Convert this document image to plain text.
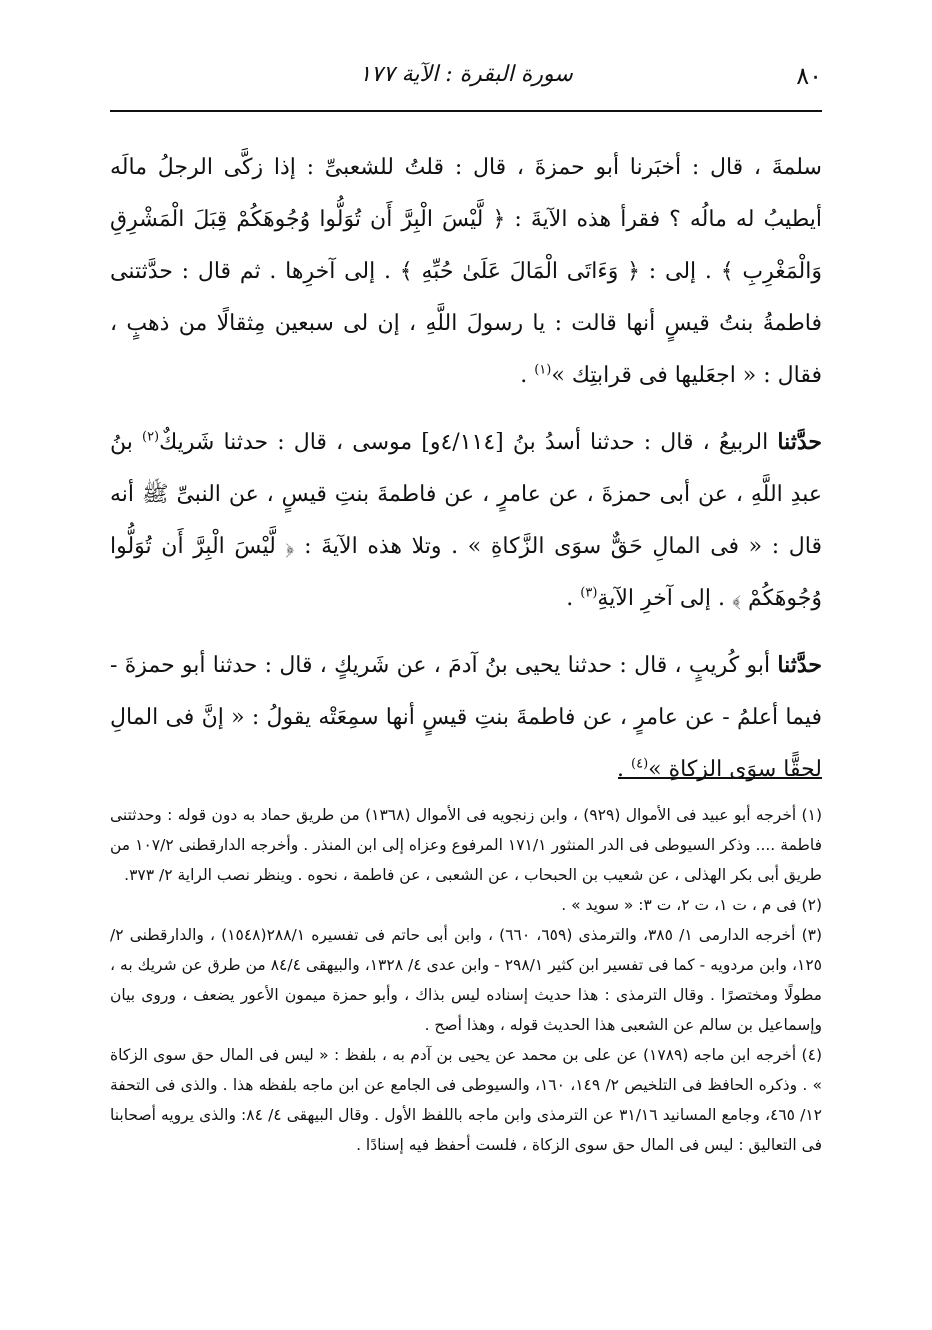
٨٠
سورة البقرة : الآية ١٧٧

سلمةَ ، قال : أخبَرنا أبو حمزةَ ، قال : قلتُ للشعبىِّ : إذا زكَّى الرجلُ مالَه أيطيبُ له مالُه ؟ فقرأ هذه الآيةَ : ﴿ لَّيْسَ الْبِرَّ أَن تُوَلُّوا وُجُوهَكُمْ قِبَلَ الْمَشْرِقِ وَالْمَغْرِبِ ﴾ . إلى : ﴿ وَءَاتَى الْمَالَ عَلَىٰ حُبِّهِ ﴾ . إلى آخرِها . ثم قال : حدَّثتنى فاطمةُ بنتُ قيسٍ أنها قالت : يا رسولَ اللَّهِ ، إن لى سبعين مِثقالًا من ذهبٍ ، فقال : « اجعَليها فى قرابتِك »$^{(١)}$ .

حدَّثنا الربيعُ ، قال : حدثنا أسدُ بنُ [٤/١١٤و] موسى ، قال : حدثنا شَريكٌ$^{(٢)}$ بنُ عبدِ اللَّهِ ، عن أبى حمزةَ ، عن عامرٍ ، عن فاطمةَ بنتِ قيسٍ ، عن النبىِّ ﷺ أنه قال : « فى المالِ حَقٌّ سوَى الزَّكاةِ » . وتلا هذه الآيةَ : ﴿ لَّيْسَ الْبِرَّ أَن تُوَلُّوا وُجُوهَكُمْ ﴾ . إلى آخرِ الآيةِ$^{(٣)}$ .

حدَّثنا أبو كُريبٍ ، قال : حدثنا يحيى بنُ آدمَ ، عن شَريكٍ ، قال : حدثنا أبو حمزةَ - فيما أعلمُ - عن عامرٍ ، عن فاطمةَ بنتِ قيسٍ أنها سمِعَتْه يقولُ : « إنَّ فى المالِ لحقًّا سوَى الزكاةِ »$^{(٤)}$ .

(١) أخرجه أبو عبيد فى الأموال (٩٢٩) ، وابن زنجويه فى الأموال (١٣٦٨) من طريق حماد به دون قوله : وحدثتنى فاطمة .... وذكر السيوطى فى الدر المنثور ١٧١/١ المرفوع وعزاه إلى ابن المنذر . وأخرجه الدارقطنى ١٠٧/٢ من طريق أبى بكر الهذلى ، عن شعيب بن الحبحاب ، عن الشعبى ، عن فاطمة ، نحوه . وينظر نصب الراية ٢/ ٣٧٣.

(٢) فى م ، ت ١، ت ٢، ت ٣: « سويد » .

(٣) أخرجه الدارمى ١/ ٣٨٥، والترمذى (٦٥٩، ٦٦٠) ، وابن أبى حاتم فى تفسيره ٢٨٨/١(١٥٤٨) ، والدارقطنى ٢/ ١٢٥، وابن مردويه - كما فى تفسير ابن كثير ٢٩٨/١ - وابن عدى ٤/ ١٣٢٨، والبيهقى ٨٤/٤ من طرق عن شريك به ، مطولًا ومختصرًا . وقال الترمذى : هذا حديث إسناده ليس بذاك ، وأبو حمزة ميمون الأعور يضعف ، وروى بيان وإسماعيل بن سالم عن الشعبى هذا الحديث قوله ، وهذا أصح .

(٤) أخرجه ابن ماجه (١٧٨٩) عن على بن محمد عن يحيى بن آدم به ، بلفظ : « ليس فى المال حق سوى الزكاة » . وذكره الحافظ فى التلخيص ٢/ ١٤٩، ١٦٠، والسيوطى فى الجامع عن ابن ماجه بلفظه هذا . والذى فى التحفة ١٢/ ٤٦٥، وجامع المسانيد ٣١/١٦ عن الترمذى وابن ماجه باللفظ الأول . وقال البيهقى ٤/ ٨٤: والذى يرويه أصحابنا فى التعاليق : ليس فى المال حق سوى الزكاة ، فلست أحفظ فيه إسنادًا .
